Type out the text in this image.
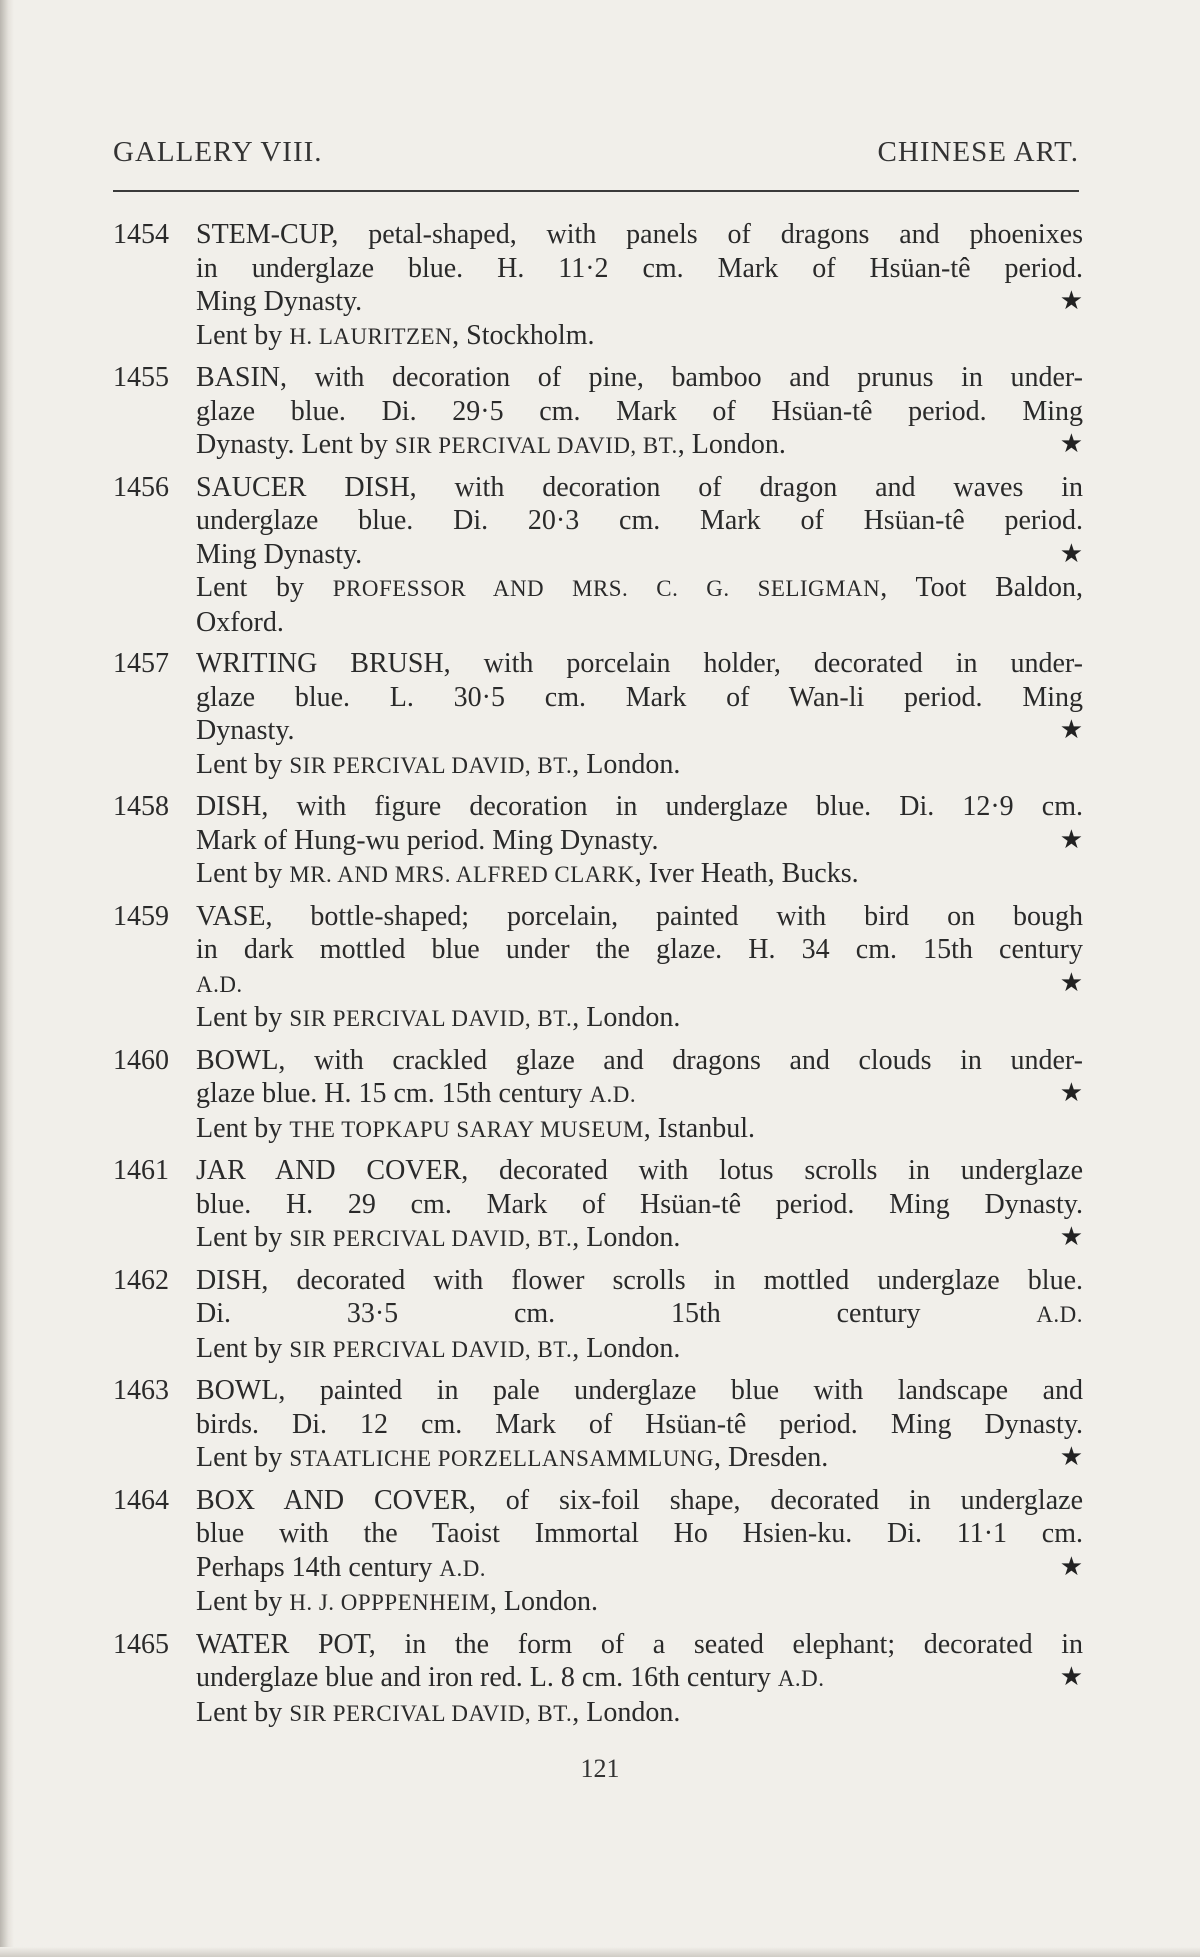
GALLERY VIII.	CHINESE ART.
1454 STEM-CUP, petal-shaped, with panels of dragons and phoenixes
in underglaze blue. H. 11·2 cm. Mark of Hsüan-tê period.
Ming Dynasty.	★
Lent by H. LAURITZEN, Stockholm.
1455 BASIN, with decoration of pine, bamboo and prunus in under-
glaze blue. Di. 29·5 cm. Mark of Hsüan-tê period. Ming
Dynasty. Lent by SIR PERCIVAL DAVID, BT., London.	★
1456 SAUCER DISH, with decoration of dragon and waves in
underglaze blue. Di. 20·3 cm. Mark of Hsüan-tê period.
Ming Dynasty.	★
Lent by PROFESSOR AND MRS. C. G. SELIGMAN, Toot Baldon,
Oxford.
1457 WRITING BRUSH, with porcelain holder, decorated in under-
glaze blue. L. 30·5 cm. Mark of Wan-li period. Ming
Dynasty.	★
Lent by SIR PERCIVAL DAVID, BT., London.
1458 DISH, with figure decoration in underglaze blue. Di. 12·9 cm.
Mark of Hung-wu period. Ming Dynasty.	★
Lent by MR. AND MRS. ALFRED CLARK, Iver Heath, Bucks.
1459 VASE, bottle-shaped; porcelain, painted with bird on bough
in dark mottled blue under the glaze. H. 34 cm. 15th century
A.D.	★
Lent by SIR PERCIVAL DAVID, BT., London.
1460 BOWL, with crackled glaze and dragons and clouds in under-
glaze blue. H. 15 cm. 15th century A.D.	★
Lent by THE TOPKAPU SARAY MUSEUM, Istanbul.
1461 JAR AND COVER, decorated with lotus scrolls in underglaze
blue. H. 29 cm. Mark of Hsüan-tê period. Ming Dynasty.
Lent by SIR PERCIVAL DAVID, BT., London.	★
1462 DISH, decorated with flower scrolls in mottled underglaze blue.
Di. 33·5 cm. 15th century A.D.
Lent by SIR PERCIVAL DAVID, BT., London.
1463 BOWL, painted in pale underglaze blue with landscape and
birds. Di. 12 cm. Mark of Hsüan-tê period. Ming Dynasty.
Lent by STAATLICHE PORZELLANSAMMLUNG, Dresden.	★
1464 BOX AND COVER, of six-foil shape, decorated in underglaze
blue with the Taoist Immortal Ho Hsien-ku. Di. 11·1 cm.
Perhaps 14th century A.D.	★
Lent by H. J. OPPPENHEIM, London.
1465 WATER POT, in the form of a seated elephant; decorated in
underglaze blue and iron red. L. 8 cm. 16th century A.D.	★
Lent by SIR PERCIVAL DAVID, BT., London.
121
